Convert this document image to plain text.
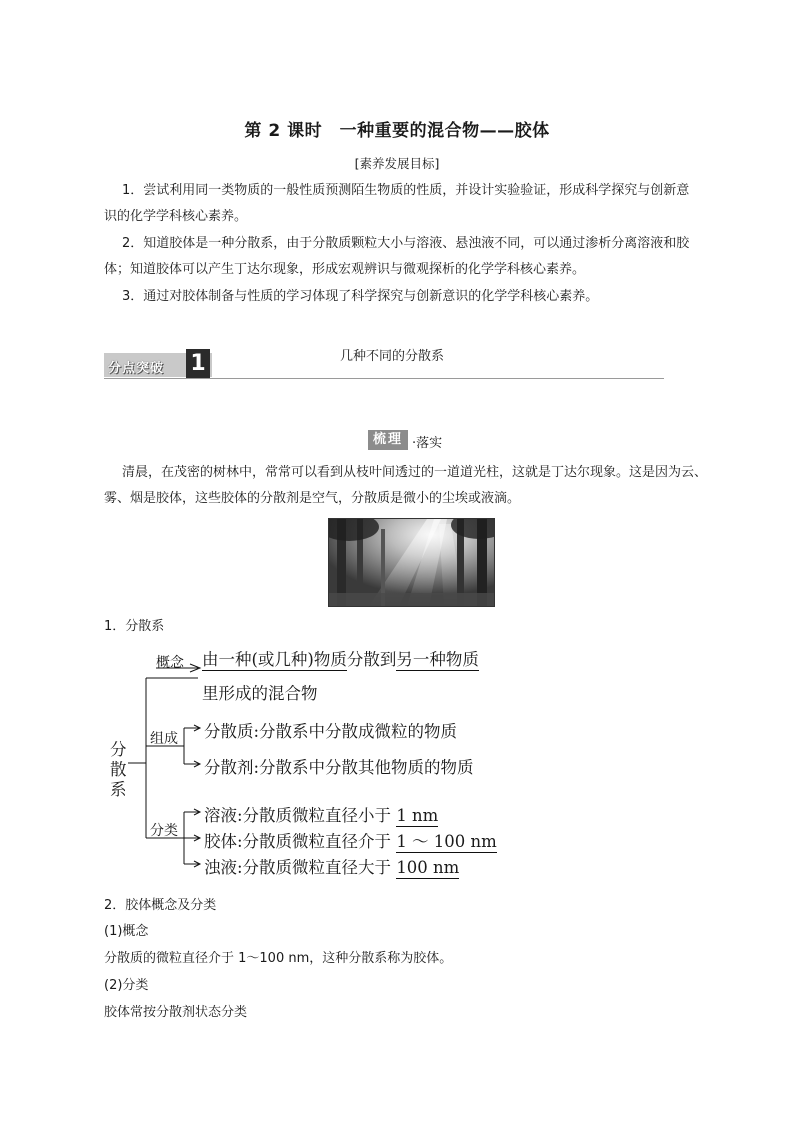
第 2 课时　一种重要的混合物——胶体
[素养发展目标]
1．尝试利用同一类物质的一般性质预测陌生物质的性质，并设计实验验证，形成科学探究与创新意
识的化学学科核心素养。
2．知道胶体是一种分散系，由于分散质颗粒大小与溶液、悬浊液不同，可以通过渗析分离溶液和胶
体；知道胶体可以产生丁达尔现象，形成宏观辨识与微观探析的化学学科核心素养。
3．通过对胶体制备与性质的学习体现了科学探究与创新意识的化学学科核心素养。
分点突破 1	几种不同的分散系
梳理 ·落实
清晨，在茂密的树林中，常常可以看到从枝叶间透过的一道道光柱，这就是丁达尔现象。这是因为云、
雾、烟是胶体，这些胶体的分散剂是空气，分散质是微小的尘埃或液滴。
1．分散系
分
散
系
概念 由一种(或几种)物质分散到另一种物质
里形成的混合物
组成 分散质:分散系中分散成微粒的物质
分散剂:分散系中分散其他物质的物质
分类
溶液:分散质微粒直径小于 1 nm
胶体:分散质微粒直径介于 1 ～ 100 nm
浊液:分散质微粒直径大于 100 nm
2．胶体概念及分类
(1)概念
分散质的微粒直径介于 1～100 nm，这种分散系称为胶体。
(2)分类
胶体常按分散剂状态分类
